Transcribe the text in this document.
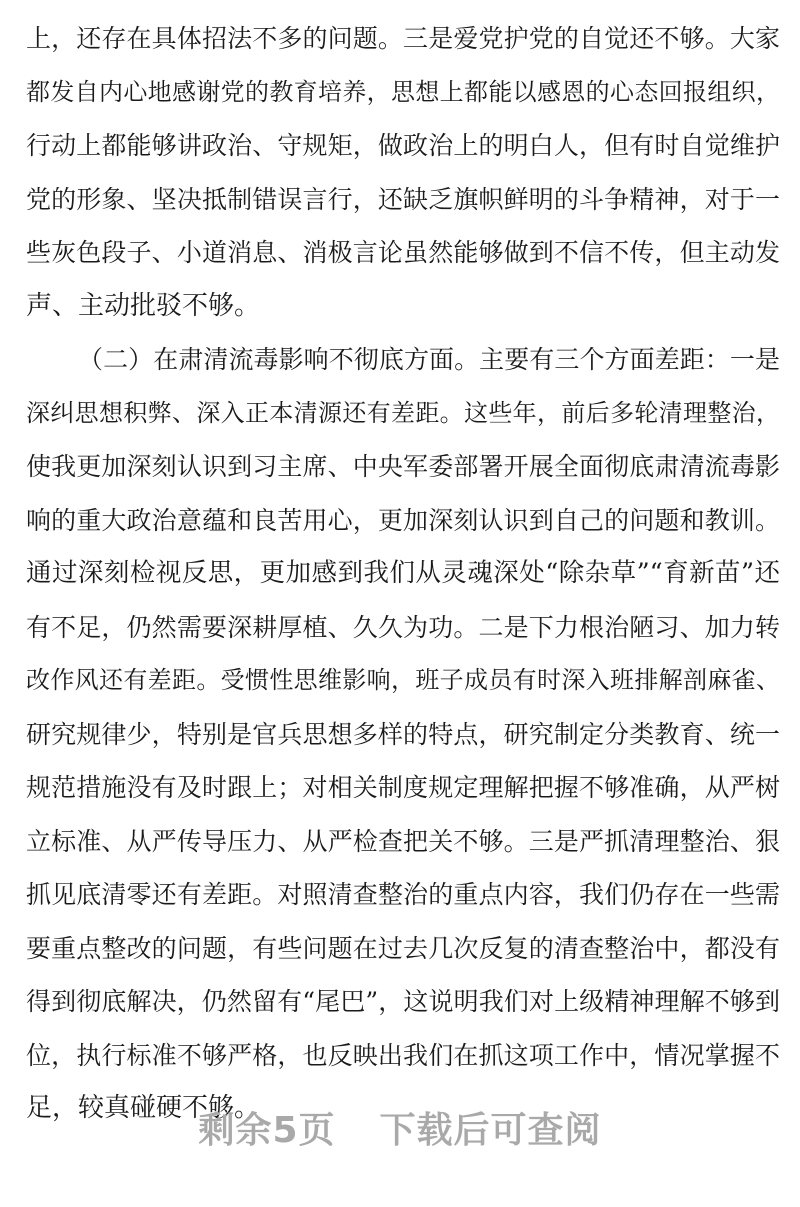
上，还存在具体招法不多的问题。三是爱党护党的自觉还不够。大家
都发自内心地感谢党的教育培养，思想上都能以感恩的心态回报组织，
行动上都能够讲政治、守规矩，做政治上的明白人，但有时自觉维护
党的形象、坚决抵制错误言行，还缺乏旗帜鲜明的斗争精神，对于一
些灰色段子、小道消息、消极言论虽然能够做到不信不传，但主动发
声、主动批驳不够。
（二）在肃清流毒影响不彻底方面。主要有三个方面差距：一是
深纠思想积弊、深入正本清源还有差距。这些年，前后多轮清理整治，
使我更加深刻认识到习主席、中央军委部署开展全面彻底肃清流毒影
响的重大政治意蕴和良苦用心，更加深刻认识到自己的问题和教训。
通过深刻检视反思，更加感到我们从灵魂深处“除杂草”“育新苗”还
有不足，仍然需要深耕厚植、久久为功。二是下力根治陋习、加力转
改作风还有差距。受惯性思维影响，班子成员有时深入班排解剖麻雀、
研究规律少，特别是官兵思想多样的特点，研究制定分类教育、统一
规范措施没有及时跟上；对相关制度规定理解把握不够准确，从严树
立标准、从严传导压力、从严检查把关不够。三是严抓清理整治、狠
抓见底清零还有差距。对照清查整治的重点内容，我们仍存在一些需
要重点整改的问题，有些问题在过去几次反复的清查整治中，都没有
得到彻底解决，仍然留有“尾巴”，这说明我们对上级精神理解不够到
位，执行标准不够严格，也反映出我们在抓这项工作中，情况掌握不
足，较真碰硬不够。
剩余5页 下载后可查阅
